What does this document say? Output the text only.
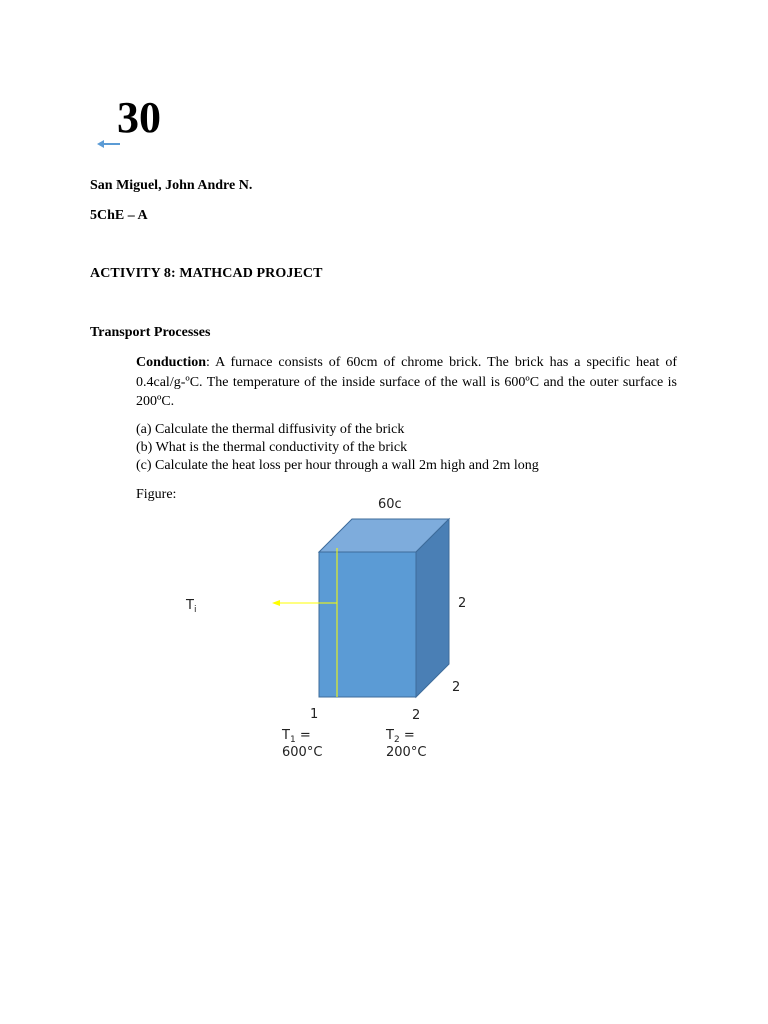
30
San Miguel, John Andre N.
5ChE – A
ACTIVITY 8: MATHCAD PROJECT
Transport Processes
Conduction: A furnace consists of 60cm of chrome brick. The brick has a specific heat of 0.4cal/g-ºC. The temperature of the inside surface of the wall is 600ºC and the outer surface is 200ºC.
(a) Calculate the thermal diffusivity of the brick
(b) What is the thermal conductivity of the brick
(c) Calculate the heat loss per hour through a wall 2m high and 2m long
Figure:
60c
2
2
1	2
$T_i$
$T_1$ =
600°C
$T_2$ =
200°C
